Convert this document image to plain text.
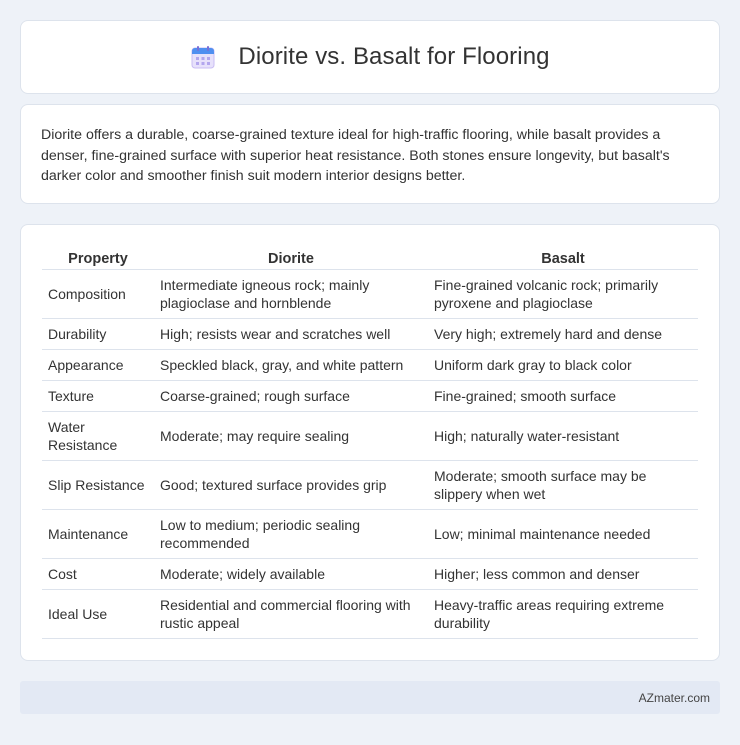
Diorite vs. Basalt for Flooring

Diorite offers a durable, coarse-grained texture ideal for high-traffic flooring, while basalt provides a denser, fine-grained surface with superior heat resistance. Both stones ensure longevity, but basalt's darker color and smoother finish suit modern interior designs better.

Property	Diorite	Basalt
Composition	Intermediate igneous rock; mainly plagioclase and hornblende	Fine-grained volcanic rock; primarily pyroxene and plagioclase
Durability	High; resists wear and scratches well	Very high; extremely hard and dense
Appearance	Speckled black, gray, and white pattern	Uniform dark gray to black color
Texture	Coarse-grained; rough surface	Fine-grained; smooth surface
Water Resistance	Moderate; may require sealing	High; naturally water-resistant
Slip Resistance	Good; textured surface provides grip	Moderate; smooth surface may be slippery when wet
Maintenance	Low to medium; periodic sealing recommended	Low; minimal maintenance needed
Cost	Moderate; widely available	Higher; less common and denser
Ideal Use	Residential and commercial flooring with rustic appeal	Heavy-traffic areas requiring extreme durability
AZmater.com
